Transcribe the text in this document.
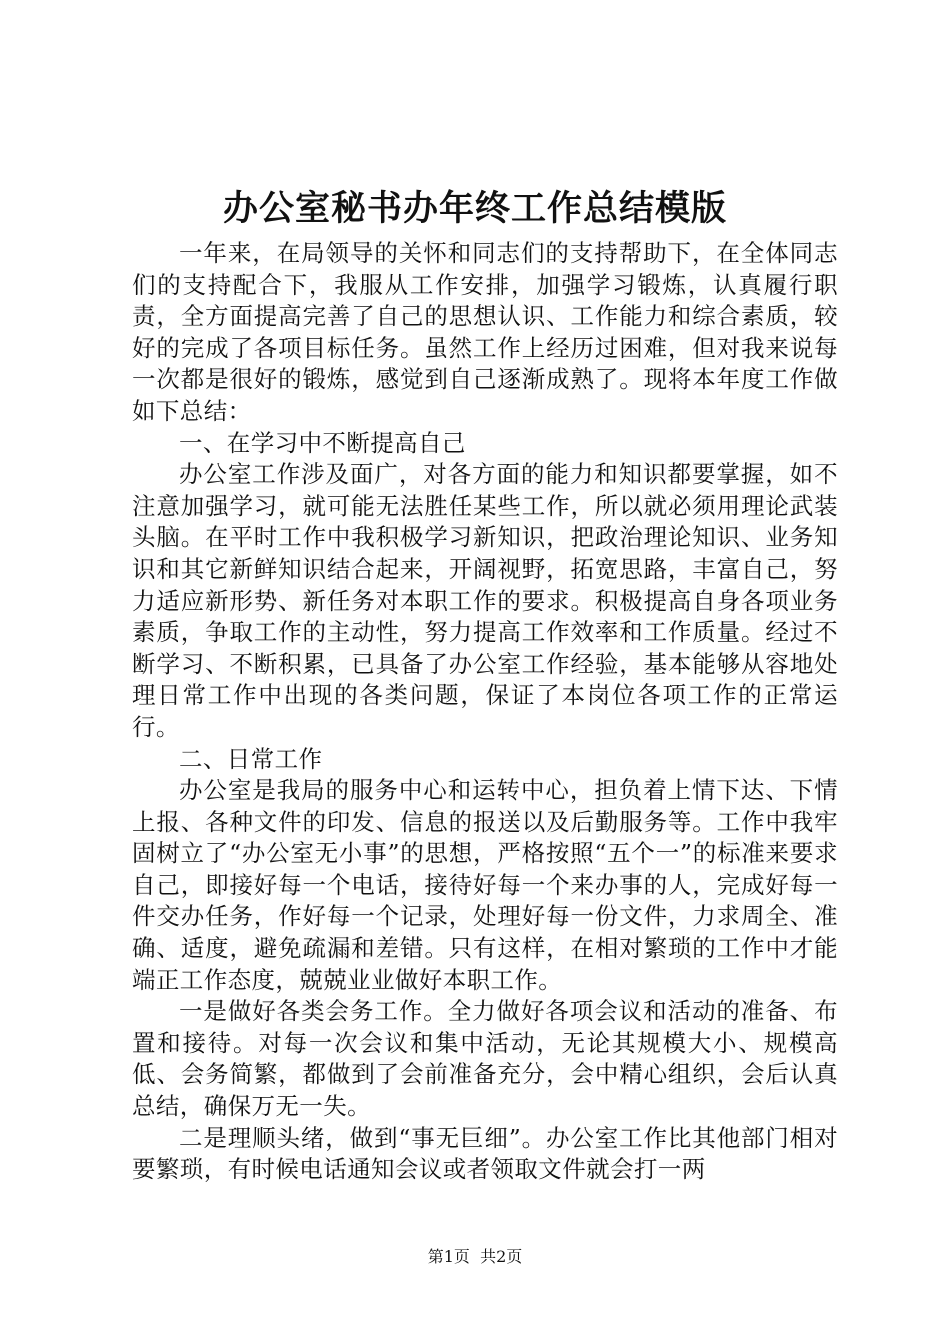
办公室秘书办年终工作总结模版

一年来，在局领导的关怀和同志们的支持帮助下，在全体同志们的支持配合下，我服从工作安排，加强学习锻炼，认真履行职责，全方面提高完善了自己的思想认识、工作能力和综合素质，较好的完成了各项目标任务。虽然工作上经历过困难，但对我来说每一次都是很好的锻炼，感觉到自己逐渐成熟了。现将本年度工作做如下总结：

一、在学习中不断提高自己

办公室工作涉及面广，对各方面的能力和知识都要掌握，如不注意加强学习，就可能无法胜任某些工作，所以就必须用理论武装头脑。在平时工作中我积极学习新知识，把政治理论知识、业务知识和其它新鲜知识结合起来，开阔视野，拓宽思路，丰富自己，努力适应新形势、新任务对本职工作的要求。积极提高自身各项业务素质，争取工作的主动性，努力提高工作效率和工作质量。经过不断学习、不断积累，已具备了办公室工作经验，基本能够从容地处理日常工作中出现的各类问题，保证了本岗位各项工作的正常运行。

二、日常工作

办公室是我局的服务中心和运转中心，担负着上情下达、下情上报、各种文件的印发、信息的报送以及后勤服务等。工作中我牢固树立了“办公室无小事”的思想，严格按照“五个一”的标准来要求自己，即接好每一个电话，接待好每一个来办事的人，完成好每一件交办任务，作好每一个记录，处理好每一份文件，力求周全、准确、适度，避免疏漏和差错。只有这样，在相对繁琐的工作中才能端正工作态度，兢兢业业做好本职工作。

一是做好各类会务工作。全力做好各项会议和活动的准备、布置和接待。对每一次会议和集中活动，无论其规模大小、规模高低、会务简繁，都做到了会前准备充分，会中精心组织，会后认真总结，确保万无一失。

二是理顺头绪，做到“事无巨细”。办公室工作比其他部门相对要繁琐，有时候电话通知会议或者领取文件就会打一两

第1页 共2页
